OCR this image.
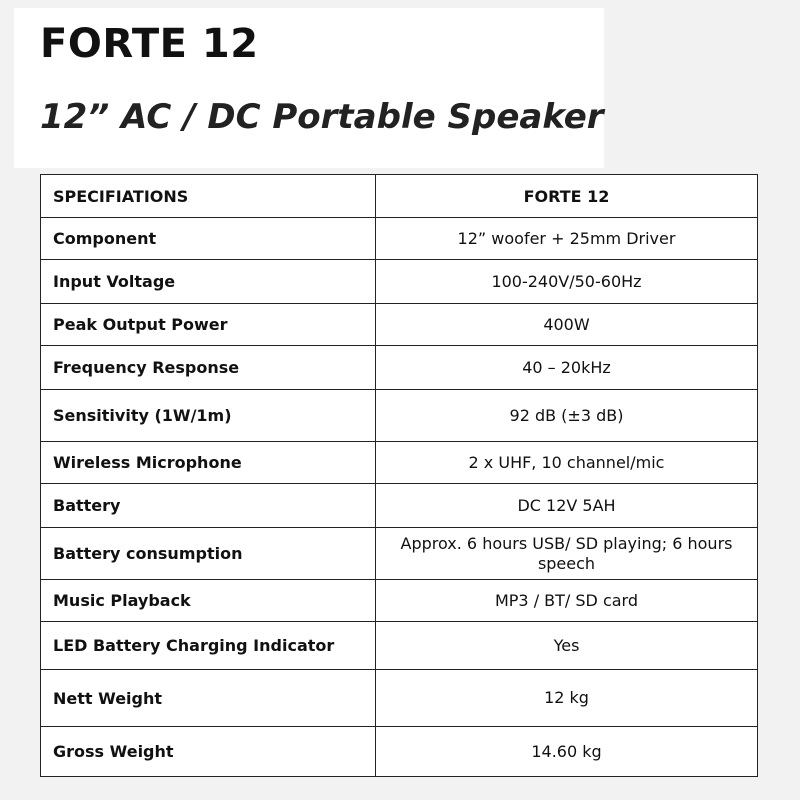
FORTE 12
12” AC / DC Portable Speaker
SPECIFIATIONS	FORTE 12
Component	12” woofer + 25mm Driver
Input Voltage	100-240V/50-60Hz
Peak Output Power	400W
Frequency Response	40 – 20kHz
Sensitivity (1W/1m)	92 dB (±3 dB)
Wireless Microphone	2 x UHF, 10 channel/mic
Battery	DC 12V 5AH
Battery consumption	Approx. 6 hours USB/ SD playing; 6 hours speech
Music Playback	MP3 / BT/ SD card
LED Battery Charging Indicator	Yes
Nett Weight	12 kg
Gross Weight	14.60 kg
